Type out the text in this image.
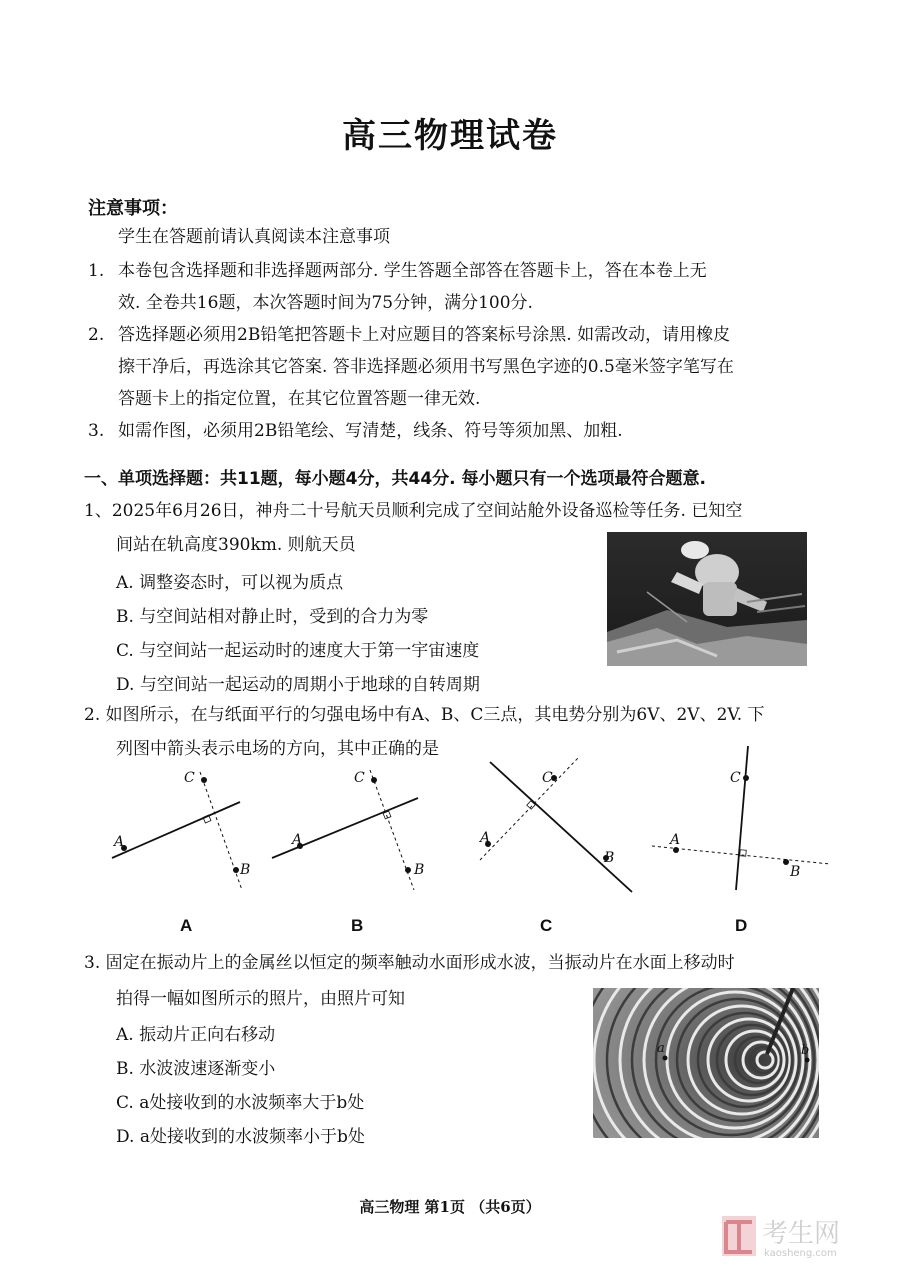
高三物理试卷
注意事项：
学生在答题前请认真阅读本注意事项
1. 本卷包含选择题和非选择题两部分. 学生答题全部答在答题卡上，答在本卷上无
效. 全卷共16题，本次答题时间为75分钟，满分100分.
2. 答选择题必须用2B铅笔把答题卡上对应题目的答案标号涂黑. 如需改动，请用橡皮
擦干净后，再选涂其它答案. 答非选择题必须用书写黑色字迹的0.5毫米签字笔写在
答题卡上的指定位置，在其它位置答题一律无效.
3. 如需作图，必须用2B铅笔绘、写清楚，线条、符号等须加黑、加粗.
一、单项选择题：共11题，每小题4分，共44分. 每小题只有一个选项最符合题意.
1、2025年6月26日，神舟二十号航天员顺利完成了空间站舱外设备巡检等任务. 已知空
间站在轨高度390km. 则航天员
A. 调整姿态时，可以视为质点
B. 与空间站相对静止时，受到的合力为零
C. 与空间站一起运动时的速度大于第一宇宙速度
D. 与空间站一起运动的周期小于地球的自转周期
2. 如图所示，在与纸面平行的匀强电场中有A、B、C三点，其电势分别为6V、2V、2V. 下
列图中箭头表示电场的方向，其中正确的是
A
C
B
A
C
B
A
C
B
A
C
B
A	B	C	D
3. 固定在振动片上的金属丝以恒定的频率触动水面形成水波，当振动片在水面上移动时
拍得一幅如图所示的照片，由照片可知
A. 振动片正向右移动
B. 水波波速逐渐变小
C. a处接收到的水波频率大于b处
D. a处接收到的水波频率小于b处
a	b
高三物理 第1页 （共6页）
考生网
kaosheng.com
